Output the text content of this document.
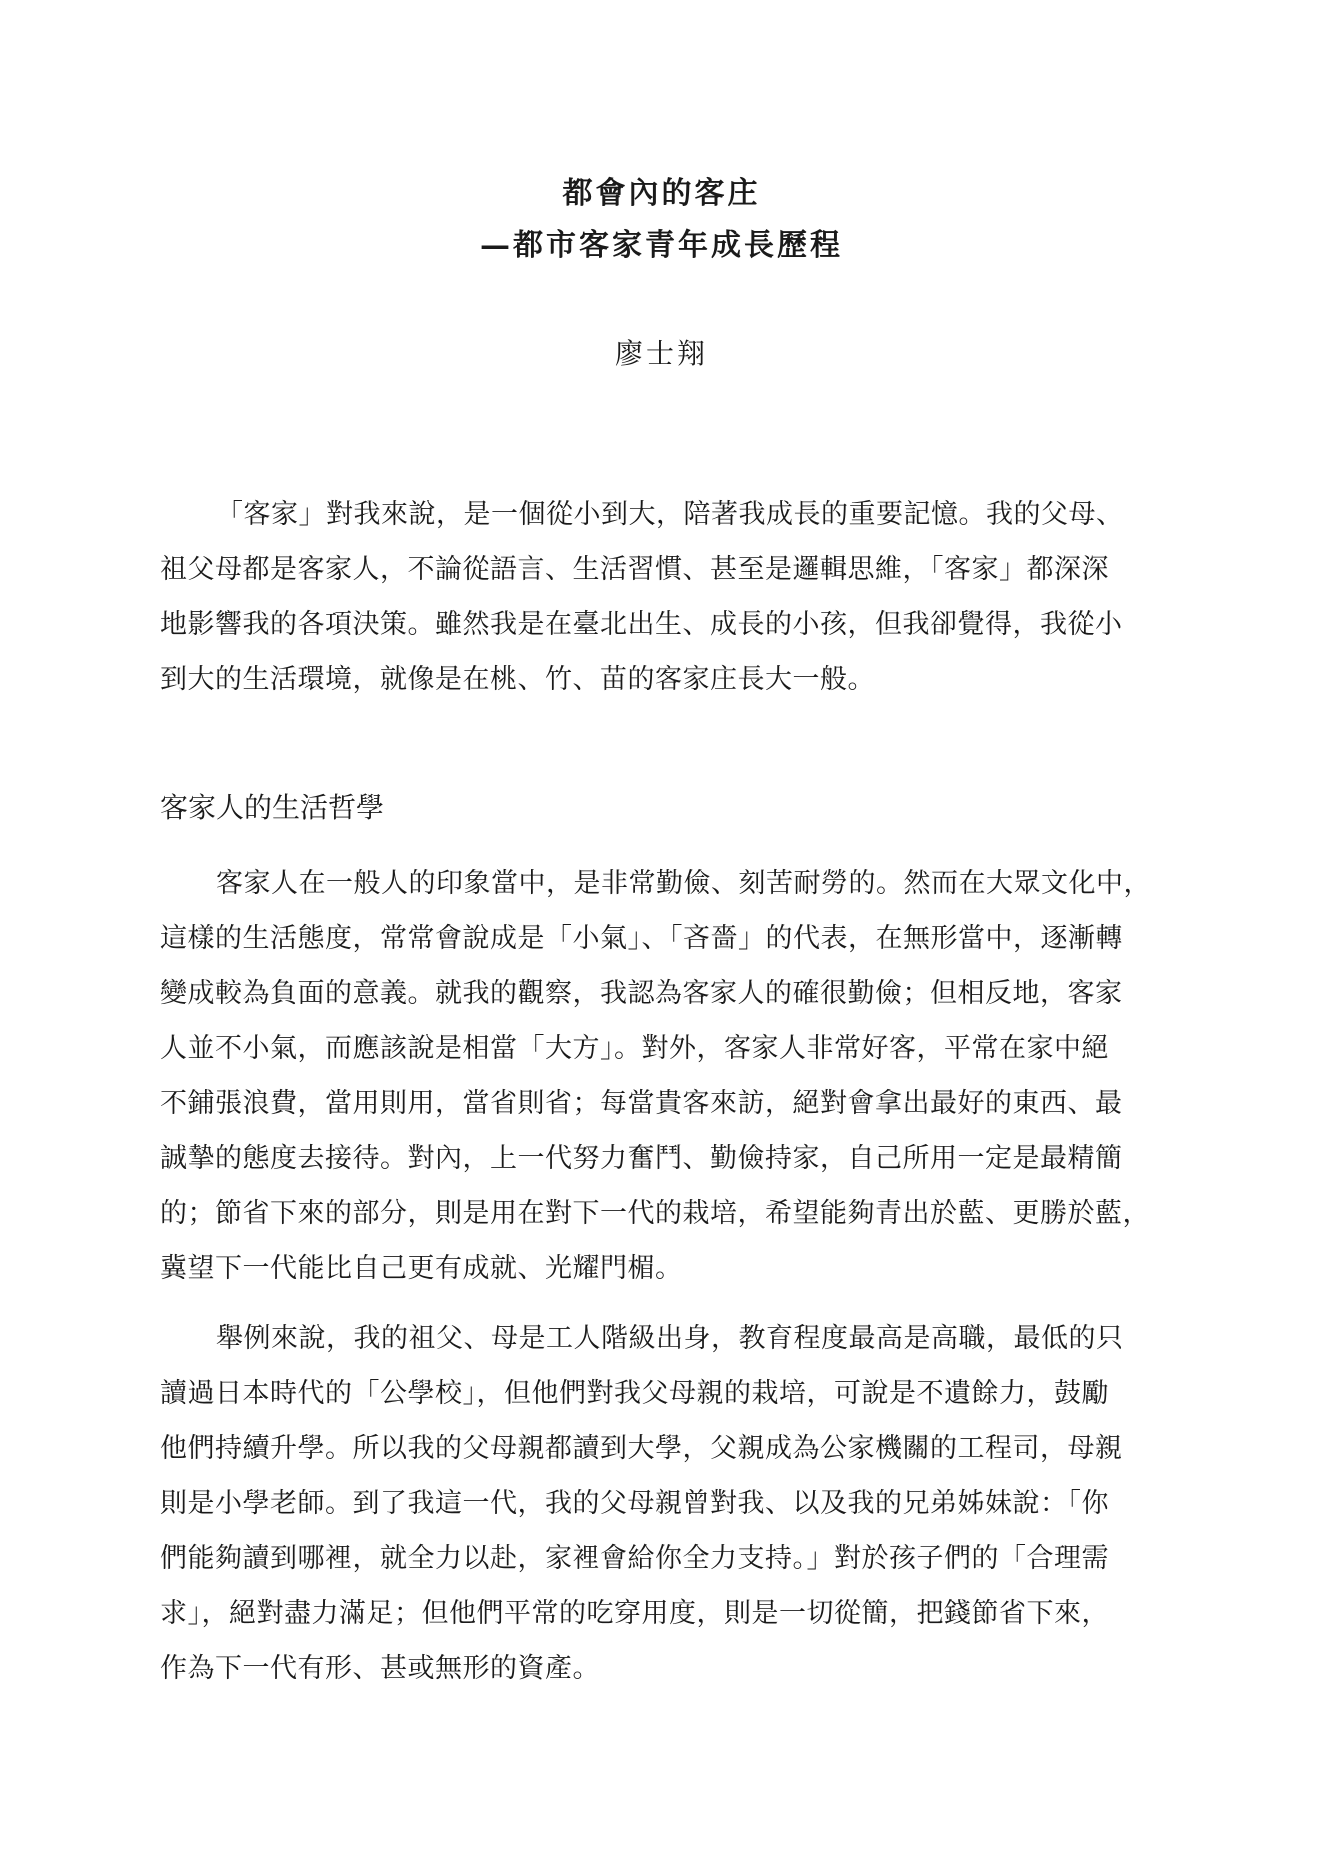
都會內的客庄
—都市客家青年成長歷程
廖士翔
「客家」對我來說，是一個從小到大，陪著我成長的重要記憶。我的父母、
祖父母都是客家人，不論從語言、生活習慣、甚至是邏輯思維，「客家」都深深
地影響我的各項決策。雖然我是在臺北出生、成長的小孩，但我卻覺得，我從小
到大的生活環境，就像是在桃、竹、苗的客家庄長大一般。
客家人的生活哲學
客家人在一般人的印象當中，是非常勤儉、刻苦耐勞的。然而在大眾文化中，
這樣的生活態度，常常會說成是「小氣」、「吝嗇」的代表，在無形當中，逐漸轉
變成較為負面的意義。就我的觀察，我認為客家人的確很勤儉；但相反地，客家
人並不小氣，而應該說是相當「大方」。對外，客家人非常好客，平常在家中絕
不鋪張浪費，當用則用，當省則省；每當貴客來訪，絕對會拿出最好的東西、最
誠摯的態度去接待。對內，上一代努力奮鬥、勤儉持家，自己所用一定是最精簡
的；節省下來的部分，則是用在對下一代的栽培，希望能夠青出於藍、更勝於藍，
冀望下一代能比自己更有成就、光耀門楣。
舉例來說，我的祖父、母是工人階級出身，教育程度最高是高職，最低的只
讀過日本時代的「公學校」，但他們對我父母親的栽培，可說是不遺餘力，鼓勵
他們持續升學。所以我的父母親都讀到大學，父親成為公家機關的工程司，母親
則是小學老師。到了我這一代，我的父母親曾對我、以及我的兄弟姊妹說：「你
們能夠讀到哪裡，就全力以赴，家裡會給你全力支持。」對於孩子們的「合理需
求」，絕對盡力滿足；但他們平常的吃穿用度，則是一切從簡，把錢節省下來，
作為下一代有形、甚或無形的資產。
